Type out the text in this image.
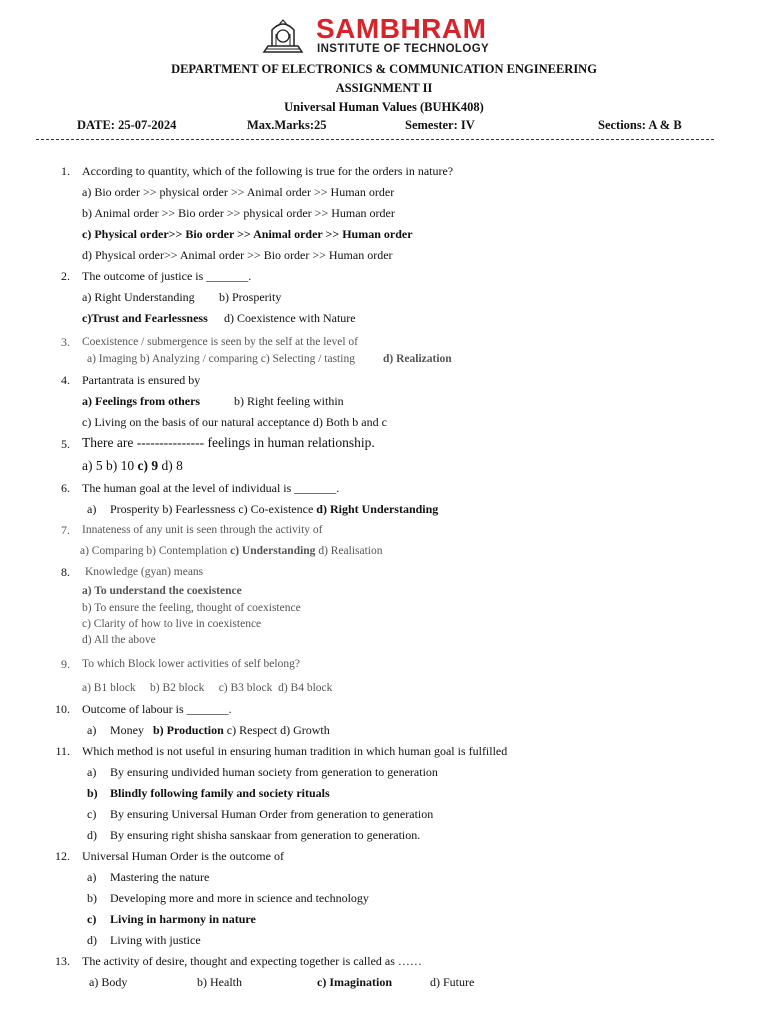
SAMBHRAM
INSTITUTE OF TECHNOLOGY
DEPARTMENT OF ELECTRONICS & COMMUNICATION ENGINEERING
ASSIGNMENT II
Universal Human Values (BUHK408)
DATE: 25-07-2024	Max.Marks:25	Semester: IV	Sections: A & B
1. According to quantity, which of the following is true for the orders in nature?
a) Bio order >> physical order >> Animal order >> Human order
b) Animal order >> Bio order >> physical order >> Human order
c) Physical order>> Bio order >> Animal order >> Human order
d) Physical order>> Animal order >> Bio order >> Human order
2. The outcome of justice is _______.
a) Right Understanding b) Prosperity
c)Trust and Fearlessness d) Coexistence with Nature
3. Coexistence / submergence is seen by the self at the level of
a) Imaging b) Analyzing / comparing c) Selecting / tasting d) Realization
4. Partantrata is ensured by
a) Feelings from others	b) Right feeling within
c) Living on the basis of our natural acceptance d) Both b and c
5. There are --------------- feelings in human relationship.
a) 5 b) 10 c) 9 d) 8
6. The human goal at the level of individual is _______.
a) Prosperity b) Fearlessness c) Co-existence d) Right Understanding
7. Innateness of any unit is seen through the activity of
a) Comparing b) Contemplation c) Understanding d) Realisation
8. Knowledge (gyan) means
a) To understand the coexistence
b) To ensure the feeling, thought of coexistence
c) Clarity of how to live in coexistence
d) All the above
9. To which Block lower activities of self belong?
a) B1 block     b) B2 block     c) B3 block  d) B4 block
10. Outcome of labour is _______.
a) Money b) Production c) Respect d) Growth
11. Which method is not useful in ensuring human tradition in which human goal is fulfilled
a) By ensuring undivided human society from generation to generation
b) Blindly following family and society rituals
c) By ensuring Universal Human Order from generation to generation
d) By ensuring right shisha sanskaar from generation to generation.
12. Universal Human Order is the outcome of
a) Mastering the nature
b) Developing more and more in science and technology
c) Living in harmony in nature
d) Living with justice
13. The activity of desire, thought and expecting together is called as ……
a) Body	b) Health	c) Imagination	d) Future
